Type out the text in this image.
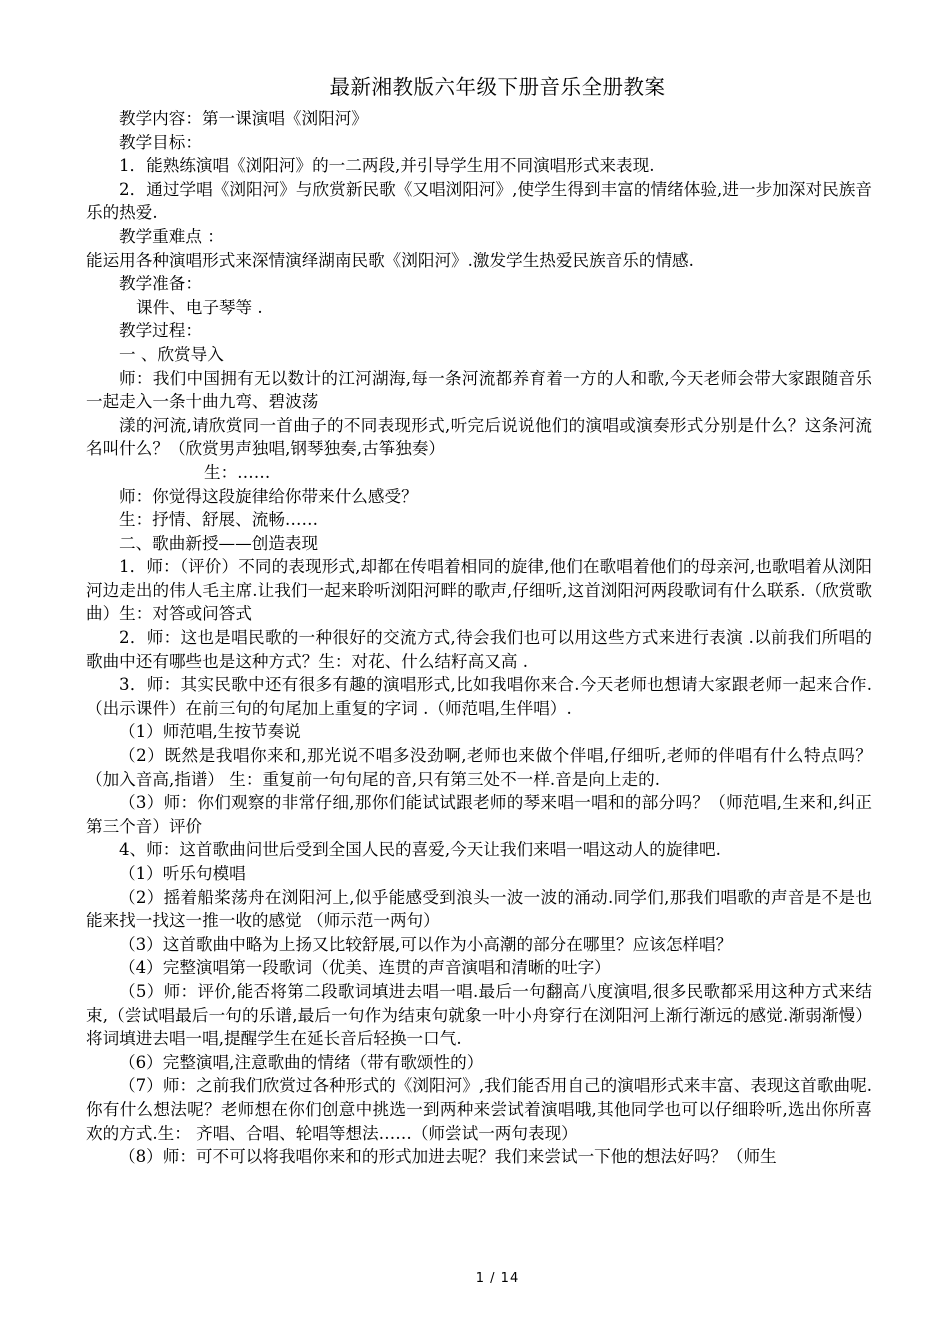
最新湘教版六年级下册音乐全册教案

教学内容：第一课演唱《浏阳河》

教学目标：

1．能熟练演唱《浏阳河》的一二两段,并引导学生用不同演唱形式来表现.

2．通过学唱《浏阳河》与欣赏新民歌《又唱浏阳河》,使学生得到丰富的情绪体验,进一步加深对民族音乐的热爱.

教学重难点 ：

能运用各种演唱形式来深情演绎湖南民歌《浏阳河》.激发学生热爱民族音乐的情感.

教学准备：

课件、电子琴等 .

教学过程：

一 、欣赏导入

师：我们中国拥有无以数计的江河湖海,每一条河流都养育着一方的人和歌,今天老师会带大家跟随音乐一起走入一条十曲九弯、碧波荡

漾的河流,请欣赏同一首曲子的不同表现形式,听完后说说他们的演唱或演奏形式分别是什么？这条河流名叫什么？（欣赏男声独唱,钢琴独奏,古筝独奏）

生：……

师：你觉得这段旋律给你带来什么感受？

生：抒情、舒展、流畅……

二、歌曲新授——创造表现

1．师：（评价）不同的表现形式,却都在传唱着相同的旋律,他们在歌唱着他们的母亲河,也歌唱着从浏阳河边走出的伟人毛主席.让我们一起来聆听浏阳河畔的歌声,仔细听,这首浏阳河两段歌词有什么联系.（欣赏歌曲）生：对答或问答式

2．师：这也是唱民歌的一种很好的交流方式,待会我们也可以用这些方式来进行表演 .以前我们所唱的歌曲中还有哪些也是这种方式？生：对花、什么结籽高又高 .

3．师：其实民歌中还有很多有趣的演唱形式,比如我唱你来合.今天老师也想请大家跟老师一起来合作.（出示课件）在前三句的句尾加上重复的字词 .（师范唱,生伴唱）.

（1）师范唱,生按节奏说

（2）既然是我唱你来和,那光说不唱多没劲啊,老师也来做个伴唱,仔细听,老师的伴唱有什么特点吗？（加入音高,指谱） 生：重复前一句句尾的音,只有第三处不一样.音是向上走的.

（3）师：你们观察的非常仔细,那你们能试试跟老师的琴来唱一唱和的部分吗？（师范唱,生来和,纠正第三个音）评价

4、师：这首歌曲问世后受到全国人民的喜爱,今天让我们来唱一唱这动人的旋律吧.

（1）听乐句模唱

（2）摇着船桨荡舟在浏阳河上,似乎能感受到浪头一波一波的涌动.同学们,那我们唱歌的声音是不是也能来找一找这一推一收的感觉 （师示范一两句）

（3）这首歌曲中略为上扬又比较舒展,可以作为小高潮的部分在哪里？应该怎样唱？

（4）完整演唱第一段歌词（优美、连贯的声音演唱和清晰的吐字）

（5）师：评价,能否将第二段歌词填进去唱一唱.最后一句翻高八度演唱,很多民歌都采用这种方式来结束,（尝试唱最后一句的乐谱,最后一句作为结束句就象一叶小舟穿行在浏阳河上渐行渐远的感觉.渐弱渐慢）将词填进去唱一唱,提醒学生在延长音后轻换一口气.

（6）完整演唱,注意歌曲的情绪（带有歌颂性的）

（7）师：之前我们欣赏过各种形式的《浏阳河》,我们能否用自己的演唱形式来丰富、表现这首歌曲呢.你有什么想法呢？老师想在你们创意中挑选一到两种来尝试着演唱哦,其他同学也可以仔细聆听,选出你所喜欢的方式.生： 齐唱、合唱、轮唱等想法……（师尝试一两句表现）

（8）师：可不可以将我唱你来和的形式加进去呢？我们来尝试一下他的想法好吗？（师生

1 / 14
